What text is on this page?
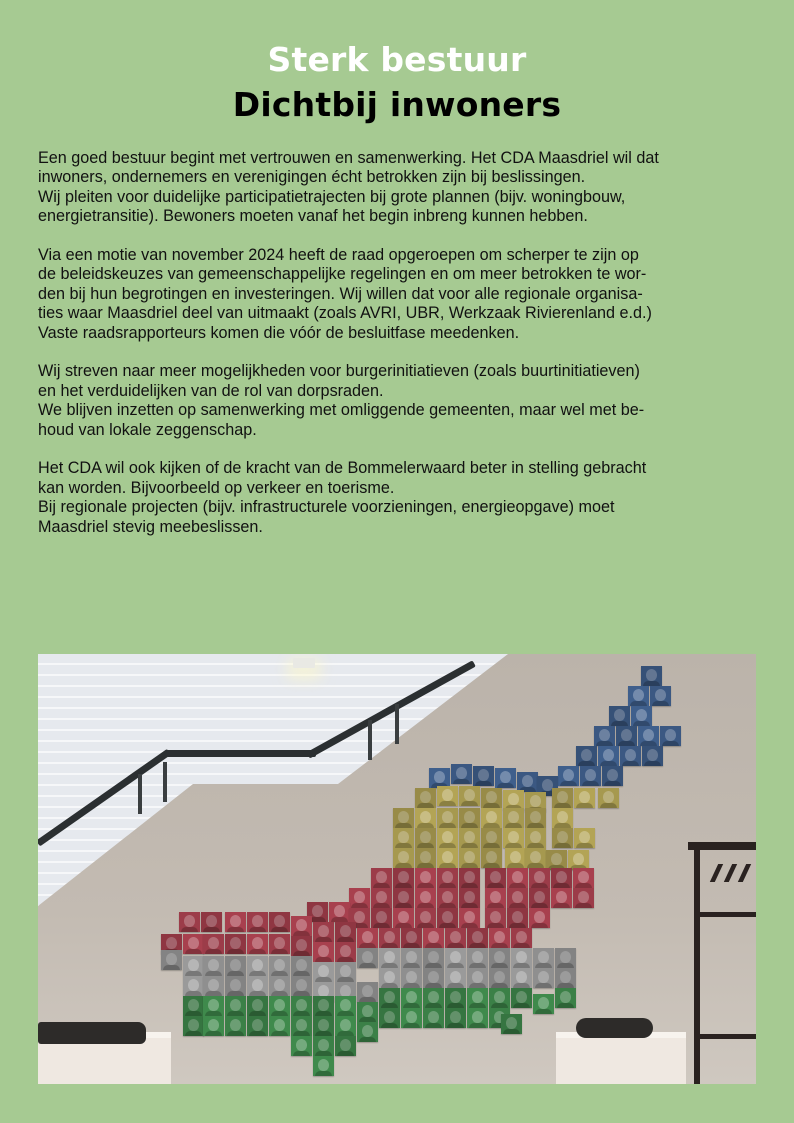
Sterk bestuur
Dichtbij inwoners

Een goed bestuur begint met vertrouwen en samenwerking. Het CDA Maasdriel wil dat
inwoners, ondernemers en verenigingen écht betrokken zijn bij beslissingen.
Wij pleiten voor duidelijke participatietrajecten bij grote plannen (bijv. woningbouw,
energietransitie). Bewoners moeten vanaf het begin inbreng kunnen hebben.

Via een motie van november 2024 heeft de raad opgeroepen om scherper te zijn op
de beleidskeuzes van gemeenschappelijke regelingen en om meer betrokken te wor-
den bij hun begrotingen en investeringen. Wij willen dat voor alle regionale organisa-
ties waar Maasdriel deel van uitmaakt (zoals AVRI, UBR, Werkzaak Rivierenland e.d.)
Vaste raadsrapporteurs komen die vóór de besluitfase meedenken.

Wij streven naar meer mogelijkheden voor burgerinitiatieven (zoals buurtinitiatieven)
en het verduidelijken van de rol van dorpsraden.
We blijven inzetten op samenwerking met omliggende gemeenten, maar wel met be-
houd van lokale zeggenschap.

Het CDA wil ook kijken of de kracht van de Bommelerwaard beter in stelling gebracht
kan worden. Bijvoorbeeld op verkeer en toerisme.
Bij regionale projecten (bijv. infrastructurele voorzieningen, energieopgave) moet
Maasdriel stevig meebeslissen.
